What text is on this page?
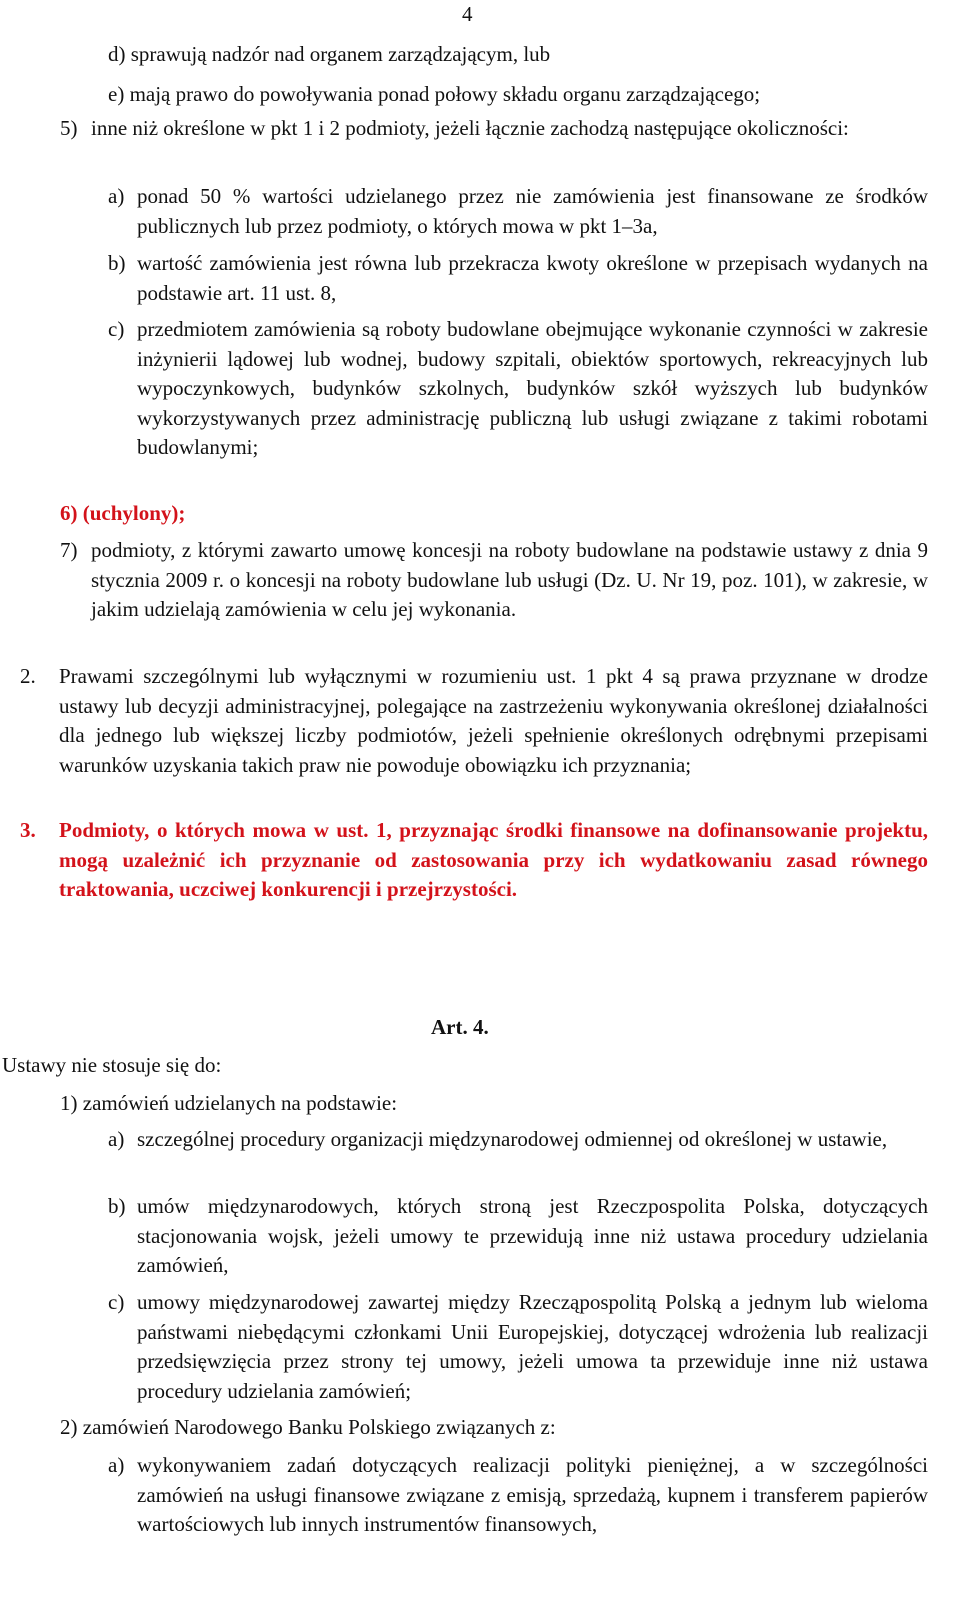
4
d) sprawują nadzór nad organem zarządzającym, lub
e) mają prawo do powoływania ponad połowy składu organu zarządzającego;
5) inne niż określone w pkt 1 i 2 podmioty, jeżeli łącznie zachodzą następujące okoliczności:
a) ponad 50 % wartości udzielanego przez nie zamówienia jest finansowane ze środków publicznych lub przez podmioty, o których mowa w pkt 1–3a,
b) wartość zamówienia jest równa lub przekracza kwoty określone w przepisach wydanych na podstawie art. 11 ust. 8,
c) przedmiotem zamówienia są roboty budowlane obejmujące wykonanie czynności w zakresie inżynierii lądowej lub wodnej, budowy szpitali, obiektów sportowych, rekreacyjnych lub wypoczynkowych, budynków szkolnych, budynków szkół wyższych lub budynków wykorzystywanych przez administrację publiczną lub usługi związane z takimi robotami budowlanymi;
6) (uchylony);
7) podmioty, z którymi zawarto umowę koncesji na roboty budowlane na podstawie ustawy z dnia 9 stycznia 2009 r. o koncesji na roboty budowlane lub usługi (Dz. U. Nr 19, poz. 101), w zakresie, w jakim udzielają zamówienia w celu jej wykonania.
2. Prawami szczególnymi lub wyłącznymi w rozumieniu ust. 1 pkt 4 są prawa przyznane w drodze ustawy lub decyzji administracyjnej, polegające na zastrzeżeniu wykonywania określonej działalności dla jednego lub większej liczby podmiotów, jeżeli spełnienie określonych odrębnymi przepisami warunków uzyskania takich praw nie powoduje obowiązku ich przyznania;
3. Podmioty, o których mowa w ust. 1, przyznając środki finansowe na dofinansowanie projektu, mogą uzależnić ich przyznanie od zastosowania przy ich wydatkowaniu zasad równego traktowania, uczciwej konkurencji i przejrzystości.
Art. 4.
Ustawy nie stosuje się do:
1) zamówień udzielanych na podstawie:
a) szczególnej procedury organizacji międzynarodowej odmiennej od określonej w ustawie,
b) umów międzynarodowych, których stroną jest Rzeczpospolita Polska, dotyczących stacjonowania wojsk, jeżeli umowy te przewidują inne niż ustawa procedury udzielania zamówień,
c) umowy międzynarodowej zawartej między Rzecząpospolitą Polską a jednym lub wieloma państwami niebędącymi członkami Unii Europejskiej, dotyczącej wdrożenia lub realizacji przedsięwzięcia przez strony tej umowy, jeżeli umowa ta przewiduje inne niż ustawa procedury udzielania zamówień;
2) zamówień Narodowego Banku Polskiego związanych z:
a) wykonywaniem zadań dotyczących realizacji polityki pieniężnej, a w szczególności zamówień na usługi finansowe związane z emisją, sprzedażą, kupnem i transferem papierów wartościowych lub innych instrumentów finansowych,
